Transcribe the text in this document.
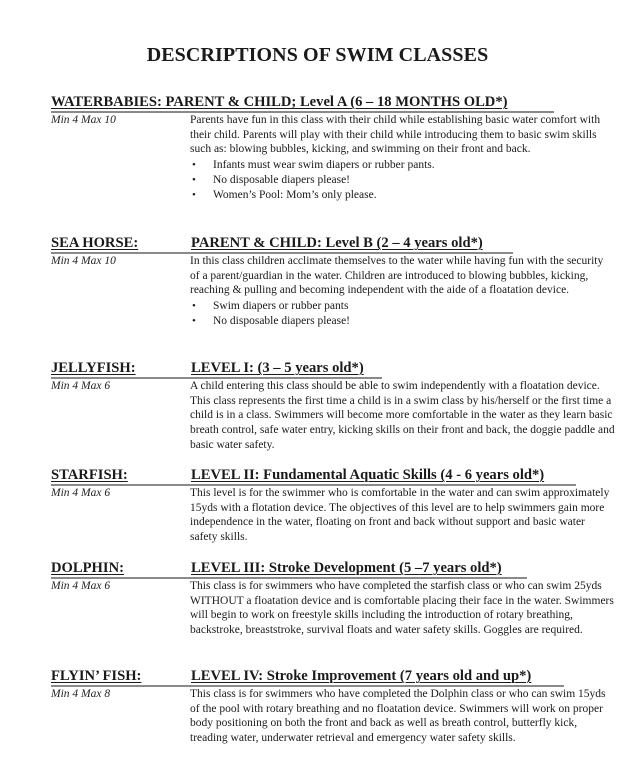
DESCRIPTIONS OF SWIM CLASSES
WATERBABIES: PARENT & CHILD; Level A (6 – 18 MONTHS OLD*)
Min 4 Max 10	Parents have fun in this class with their child while establishing basic water comfort with their child. Parents will play with their child while introducing them to basic swim skills such as: blowing bubbles, kicking, and swimming on their front and back.
• Infants must wear swim diapers or rubber pants.
• No disposable diapers please!
• Women’s Pool: Mom’s only please.
SEA HORSE:	PARENT & CHILD: Level B (2 – 4 years old*)
Min 4 Max 10	In this class children acclimate themselves to the water while having fun with the security of a parent/guardian in the water. Children are introduced to blowing bubbles, kicking, reaching & pulling and becoming independent with the aide of a floatation device.
• Swim diapers or rubber pants
• No disposable diapers please!
JELLYFISH:	LEVEL I: (3 – 5 years old*)
Min 4 Max 6	A child entering this class should be able to swim independently with a floatation device. This class represents the first time a child is in a swim class by his/herself or the first time a child is in a class. Swimmers will become more comfortable in the water as they learn basic breath control, safe water entry, kicking skills on their front and back, the doggie paddle and basic water safety.
STARFISH:	LEVEL II: Fundamental Aquatic Skills (4 - 6 years old*)
Min 4 Max 6	This level is for the swimmer who is comfortable in the water and can swim approximately 15yds with a flotation device. The objectives of this level are to help swimmers gain more independence in the water, floating on front and back without support and basic water safety skills.
DOLPHIN:	LEVEL III: Stroke Development (5 –7 years old*)
Min 4 Max 6	This class is for swimmers who have completed the starfish class or who can swim 25yds WITHOUT a floatation device and is comfortable placing their face in the water. Swimmers will begin to work on freestyle skills including the introduction of rotary breathing, backstroke, breaststroke, survival floats and water safety skills. Goggles are required.
FLYIN’ FISH:	LEVEL IV: Stroke Improvement (7 years old and up*)
Min 4 Max 8	This class is for swimmers who have completed the Dolphin class or who can swim 15yds of the pool with rotary breathing and no floatation device. Swimmers will work on proper body positioning on both the front and back as well as breath control, butterfly kick, treading water, underwater retrieval and emergency water safety skills.
